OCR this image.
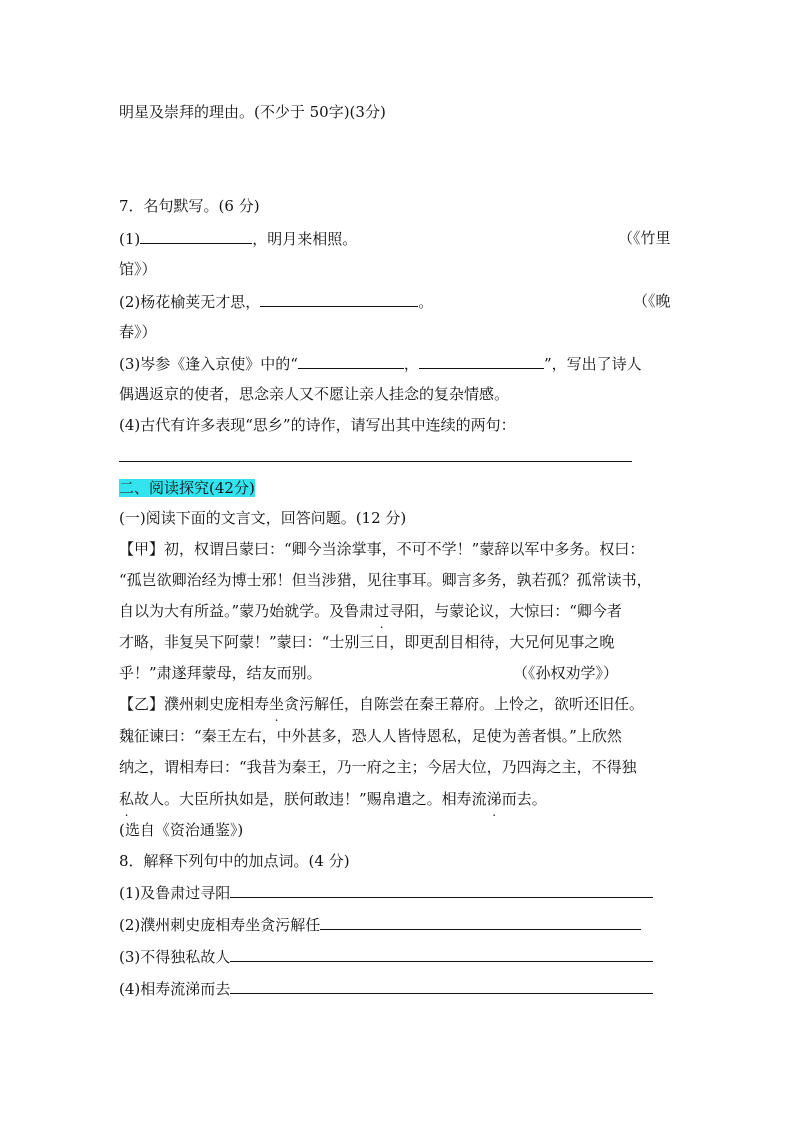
明星及崇拜的理由。(不少于 50字)(3分)
7．名句默写。(6 分)
(1)	，明月来相照。	（《竹里
馆》）
(2)杨花榆荚无才思，	。	（《晚
春》）
(3)岑参《逢入京使》中的“	，	”，写出了诗人
偶遇返京的使者，思念亲人又不愿让亲人挂念的复杂情感。
(4)古代有许多表现“思乡”的诗作，请写出其中连续的两句：
二、阅读探究(42分)
(一)阅读下面的文言文，回答问题。(12 分)
【甲】初，权谓吕蒙曰：“卿今当涂掌事，不可不学！”蒙辞以军中多务。权曰：
“孤岂欲卿治经为博士邪！但当涉猎，见往事耳。卿言多务，孰若孤？孤常读书，
自以为大有所益。”蒙乃始就学。及鲁肃过寻阳，与蒙论议，大惊曰：“卿今者
才略，非复吴下阿蒙！”蒙曰：“士别三日，即更刮目相待，大兄何见事之晚
乎！”肃遂拜蒙母，结友而别。	（《孙权劝学》）
【乙】濮州刺史庞相寿坐贪污解任，自陈尝在秦王幕府。上怜之，欲听还旧任。
魏征谏曰：“秦王左右，中外甚多，恐人人皆恃恩私，足使为善者惧。”上欣然
纳之，谓相寿曰：“我昔为秦王，乃一府之主；今居大位，乃四海之主，不得独
私故人。大臣所执如是，朕何敢违！”赐帛遣之。相寿流涕而去。
(选自《资治通鉴》)
8．解释下列句中的加点词。(4 分)
(1)及鲁肃过寻阳
(2)濮州刺史庞相寿坐贪污解任
(3)不得独私故人
(4)相寿流涕而去
